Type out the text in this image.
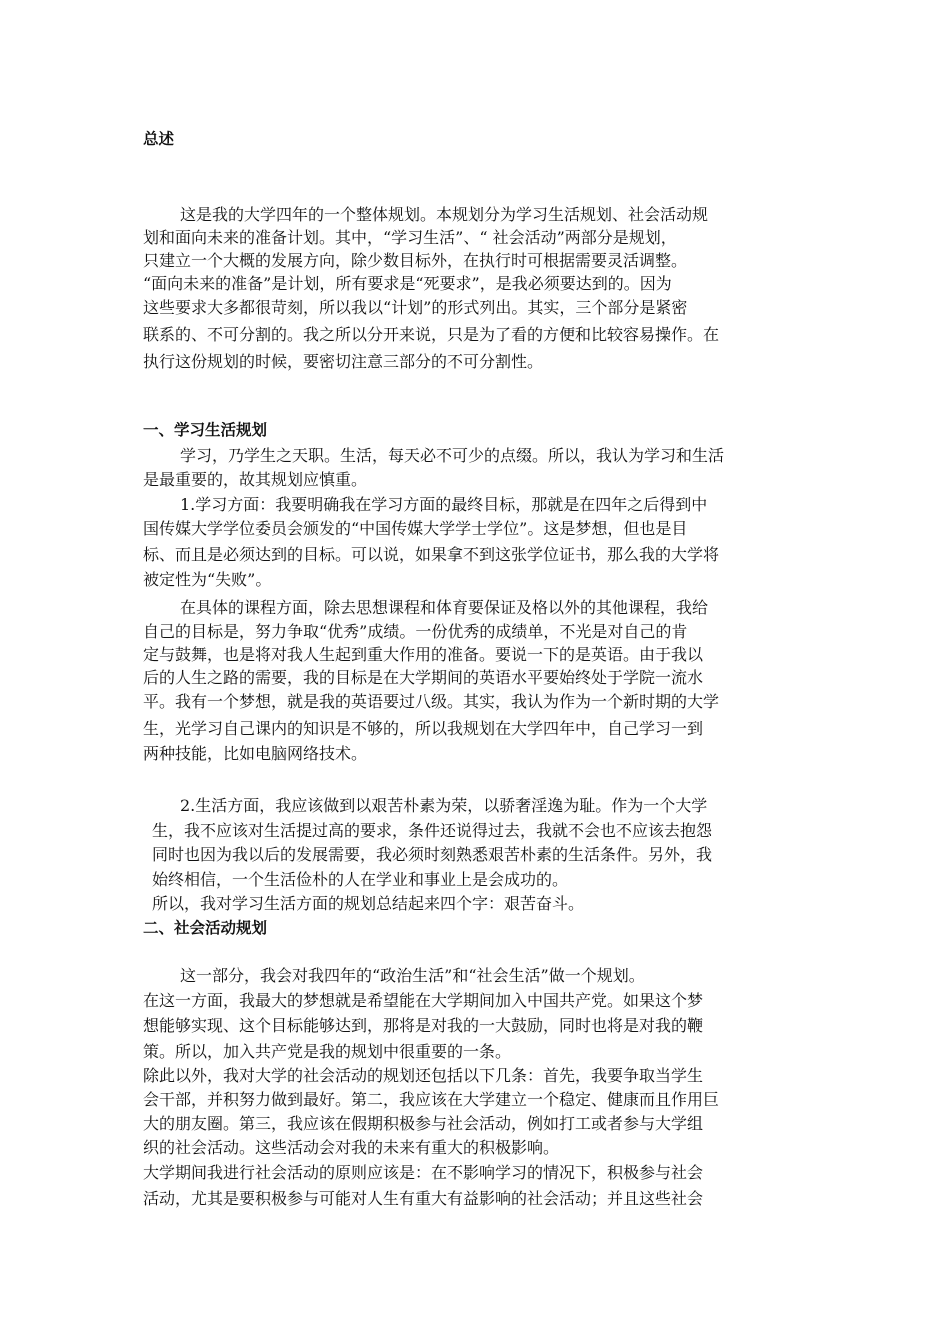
总述
这是我的大学四年的一个整体规划。本规划分为学习生活规划、社会活动规
划和面向未来的准备计划。其中，“学习生活”、“ 社会活动”两部分是规划，
只建立一个大概的发展方向，除少数目标外，在执行时可根据需要灵活调整。
“面向未来的准备”是计划，所有要求是“死要求”，是我必须要达到的。因为
这些要求大多都很苛刻，所以我以“计划”的形式列出。其实，三个部分是紧密
联系的、不可分割的。我之所以分开来说，只是为了看的方便和比较容易操作。在
执行这份规划的时候，要密切注意三部分的不可分割性。
一、学习生活规划
学习，乃学生之天职。生活，每天必不可少的点缀。所以，我认为学习和生活
是最重要的，故其规划应慎重。
1.学习方面：我要明确我在学习方面的最终目标，那就是在四年之后得到中
国传媒大学学位委员会颁发的“中国传媒大学学士学位”。这是梦想，但也是目
标、而且是必须达到的目标。可以说，如果拿不到这张学位证书，那么我的大学将
被定性为“失败”。
在具体的课程方面，除去思想课程和体育要保证及格以外的其他课程，我给
自己的目标是，努力争取“优秀”成绩。一份优秀的成绩单，不光是对自己的肯
定与鼓舞，也是将对我人生起到重大作用的准备。要说一下的是英语。由于我以
后的人生之路的需要，我的目标是在大学期间的英语水平要始终处于学院一流水
平。我有一个梦想，就是我的英语要过八级。其实，我认为作为一个新时期的大学
生，光学习自己课内的知识是不够的，所以我规划在大学四年中，自己学习一到
两种技能，比如电脑网络技术。
2.生活方面，我应该做到以艰苦朴素为荣，以骄奢淫逸为耻。作为一个大学
生，我不应该对生活提过高的要求，条件还说得过去，我就不会也不应该去抱怨
同时也因为我以后的发展需要，我必须时刻熟悉艰苦朴素的生活条件。另外，我
始终相信，一个生活俭朴的人在学业和事业上是会成功的。
所以，我对学习生活方面的规划总结起来四个字：艰苦奋斗。
二、社会活动规划
这一部分，我会对我四年的“政治生活”和“社会生活”做一个规划。
在这一方面，我最大的梦想就是希望能在大学期间加入中国共产党。如果这个梦
想能够实现、这个目标能够达到，那将是对我的一大鼓励，同时也将是对我的鞭
策。所以，加入共产党是我的规划中很重要的一条。
除此以外，我对大学的社会活动的规划还包括以下几条：首先，我要争取当学生
会干部，并积努力做到最好。第二，我应该在大学建立一个稳定、健康而且作用巨
大的朋友圈。第三，我应该在假期积极参与社会活动，例如打工或者参与大学组
织的社会活动。这些活动会对我的未来有重大的积极影响。
大学期间我进行社会活动的原则应该是：在不影响学习的情况下，积极参与社会
活动，尤其是要积极参与可能对人生有重大有益影响的社会活动；并且这些社会
